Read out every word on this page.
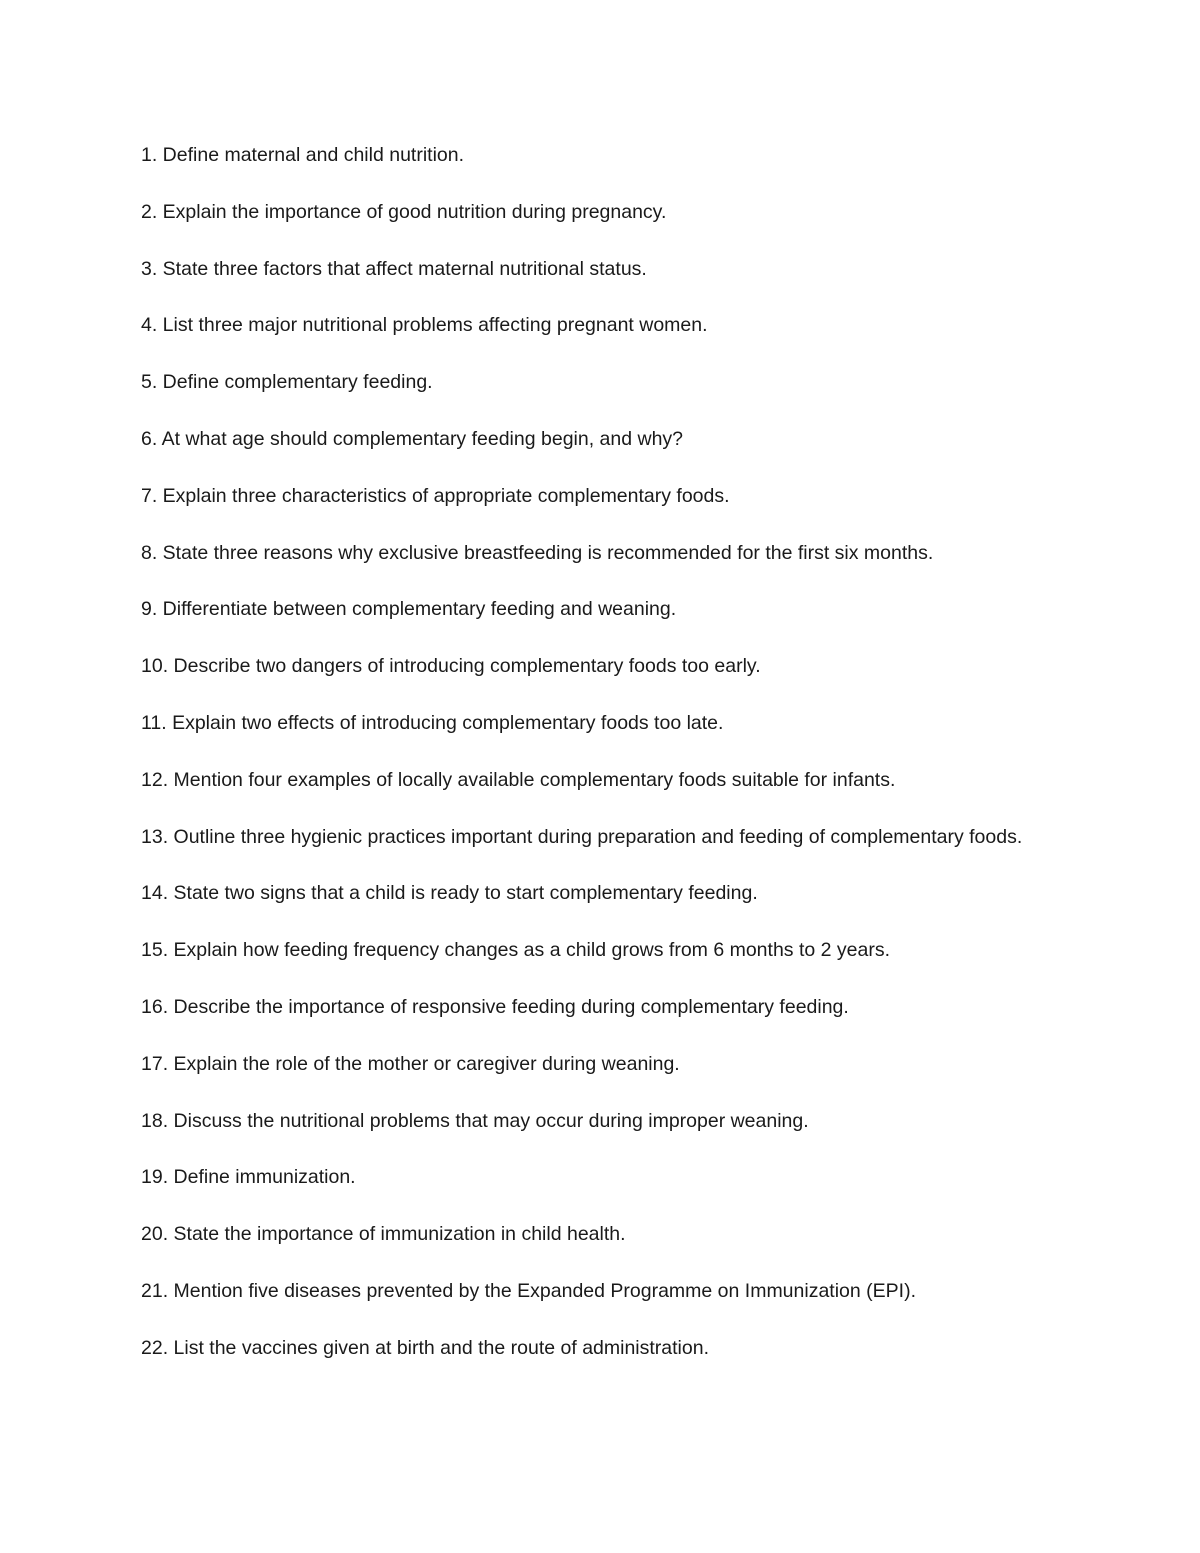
1. Define maternal and child nutrition.
2. Explain the importance of good nutrition during pregnancy.
3. State three factors that affect maternal nutritional status.
4. List three major nutritional problems affecting pregnant women.
5. Define complementary feeding.
6. At what age should complementary feeding begin, and why?
7. Explain three characteristics of appropriate complementary foods.
8. State three reasons why exclusive breastfeeding is recommended for the first six months.
9. Differentiate between complementary feeding and weaning.
10. Describe two dangers of introducing complementary foods too early.
11. Explain two effects of introducing complementary foods too late.
12. Mention four examples of locally available complementary foods suitable for infants.
13. Outline three hygienic practices important during preparation and feeding of complementary foods.
14. State two signs that a child is ready to start complementary feeding.
15. Explain how feeding frequency changes as a child grows from 6 months to 2 years.
16. Describe the importance of responsive feeding during complementary feeding.
17. Explain the role of the mother or caregiver during weaning.
18. Discuss the nutritional problems that may occur during improper weaning.
19. Define immunization.
20. State the importance of immunization in child health.
21. Mention five diseases prevented by the Expanded Programme on Immunization (EPI).
22. List the vaccines given at birth and the route of administration.
